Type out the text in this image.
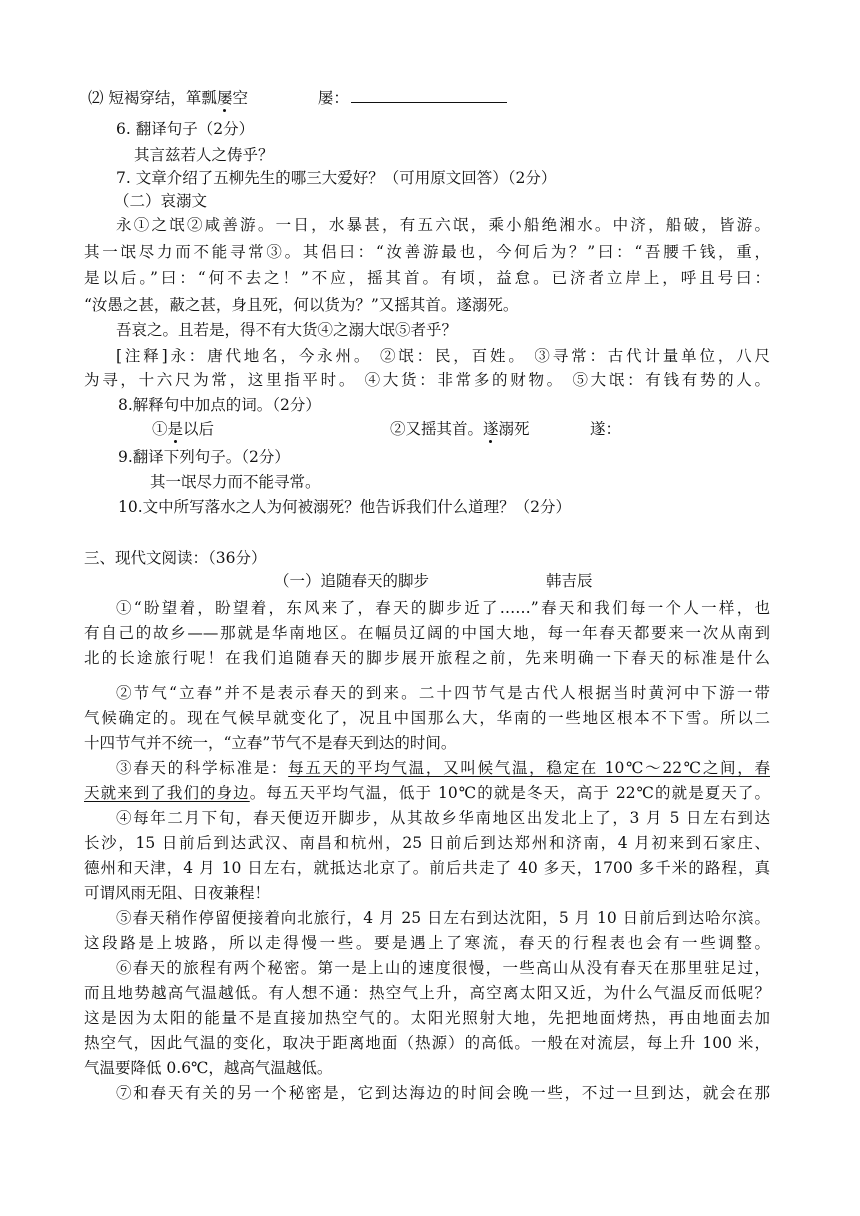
⑵ 短褐穿结，箪瓢屡空	屡：
6. 翻译句子（2分）
其言兹若人之俦乎？
7. 文章介绍了五柳先生的哪三大爱好？（可用原文回答）（2分）
（二）哀溺文
永①之氓②咸善游。一日，水暴甚，有五六氓，乘小船绝湘水。中济，船破，皆游。
其一氓尽力而不能寻常③。其侣曰：“汝善游最也，今何后为？”曰：“吾腰千钱，重，
是以后。”曰：“何不去之！”不应，摇其首。有顷，益怠。已济者立岸上，呼且号曰：
“汝愚之甚，蔽之甚，身且死，何以货为？”又摇其首。遂溺死。
吾哀之。且若是，得不有大货④之溺大氓⑤者乎？
[注释]永：唐代地名，今永州。 ②氓：民，百姓。 ③寻常：古代计量单位，八尺
为寻，十六尺为常，这里指平时。 ④大货：非常多的财物。 ⑤大氓：有钱有势的人。
8.解释句中加点的词。（2分）
①是以后	②又摇其首。遂溺死	遂：
9.翻译下列句子。（2分）
其一氓尽力而不能寻常。
10.文中所写落水之人为何被溺死？他告诉我们什么道理？（2分）
三、现代文阅读：（36分）
（一）追随春天的脚步	韩吉辰
①“盼望着，盼望着，东风来了，春天的脚步近了……”春天和我们每一个人一样，也
有自己的故乡——那就是华南地区。在幅员辽阔的中国大地，每一年春天都要来一次从南到
北的长途旅行呢！在我们追随春天的脚步展开旅程之前，先来明确一下春天的标准是什么
②节气“立春”并不是表示春天的到来。二十四节气是古代人根据当时黄河中下游一带
气候确定的。现在气候早就变化了，况且中国那么大，华南的一些地区根本不下雪。所以二
十四节气并不统一，“立春”节气不是春天到达的时间。
③春天的科学标准是：每五天的平均气温，又叫候气温，稳定在 10℃～22℃之间，春
天就来到了我们的身边。每五天平均气温，低于 10℃的就是冬天，高于 22℃的就是夏天了。
④每年二月下旬，春天便迈开脚步，从其故乡华南地区出发北上了，3 月 5 日左右到达
长沙，15 日前后到达武汉、南昌和杭州，25 日前后到达郑州和济南，4 月初来到石家庄、
德州和天津，4 月 10 日左右，就抵达北京了。前后共走了 40 多天，1700 多千米的路程，真
可谓风雨无阻、日夜兼程！
⑤春天稍作停留便接着向北旅行，4 月 25 日左右到达沈阳，5 月 10 日前后到达哈尔滨。
这段路是上坡路，所以走得慢一些。要是遇上了寒流，春天的行程表也会有一些调整。
⑥春天的旅程有两个秘密。第一是上山的速度很慢，一些高山从没有春天在那里驻足过，
而且地势越高气温越低。有人想不通：热空气上升，高空离太阳又近，为什么气温反而低呢？
这是因为太阳的能量不是直接加热空气的。太阳光照射大地，先把地面烤热，再由地面去加
热空气，因此气温的变化，取决于距离地面（热源）的高低。一般在对流层，每上升 100 米，
气温要降低 0.6℃，越高气温越低。
⑦和春天有关的另一个秘密是，它到达海边的时间会晚一些，不过一旦到达，就会在那
